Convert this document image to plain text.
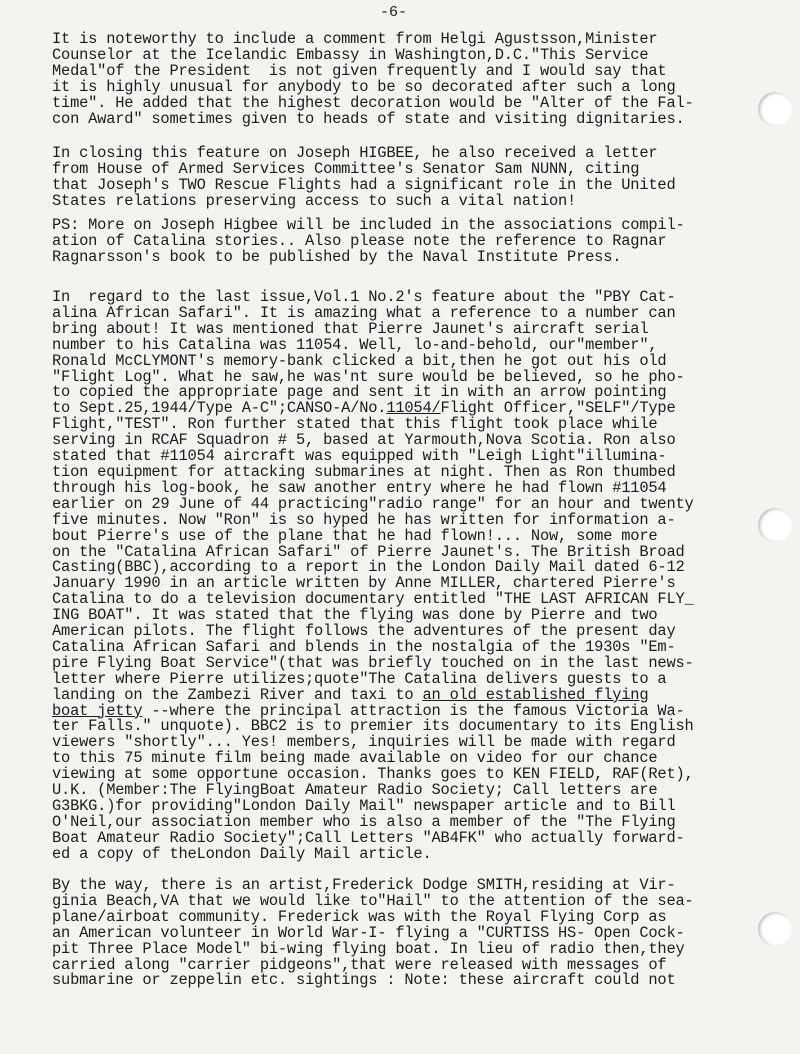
-6-
It is noteworthy to include a comment from Helgi Agustsson,Minister
Counselor at the Icelandic Embassy in Washington,D.C."This Service
Medal"of the President  is not given frequently and I would say that
it is highly unusual for anybody to be so decorated after such a long
time". He added that the highest decoration would be "Alter of the Fal-
con Award" sometimes given to heads of state and visiting dignitaries.
In closing this feature on Joseph HIGBEE, he also received a letter
from House of Armed Services Committee's Senator Sam NUNN, citing
that Joseph's TWO Rescue Flights had a significant role in the United
States relations preserving access to such a vital nation!
PS: More on Joseph Higbee will be included in the associations compil-
ation of Catalina stories.. Also please note the reference to Ragnar
Ragnarsson's book to be published by the Naval Institute Press.
In  regard to the last issue,Vol.1 No.2's feature about the "PBY Cat-
alina African Safari". It is amazing what a reference to a number can
bring about! It was mentioned that Pierre Jaunet's aircraft serial
number to his Catalina was 11054. Well, lo-and-behold, our"member",
Ronald McCLYMONT's memory-bank clicked a bit,then he got out his old
"Flight Log". What he saw,he was'nt sure would be believed, so he pho-
to copied the appropriate page and sent it in with an arrow pointing
to Sept.25,1944/Type A-C";CANSO-A/No.11054/Flight Officer,"SELF"/Type
Flight,"TEST". Ron further stated that this flight took place while
serving in RCAF Squadron # 5, based at Yarmouth,Nova Scotia. Ron also
stated that #11054 aircraft was equipped with "Leigh Light"illumina-
tion equipment for attacking submarines at night. Then as Ron thumbed
through his log-book, he saw another entry where he had flown #11054
earlier on 29 June of 44 practicing"radio range" for an hour and twenty
five minutes. Now "Ron" is so hyped he has written for information a-
bout Pierre's use of the plane that he had flown!... Now, some more
on the "Catalina African Safari" of Pierre Jaunet's. The British Broad
Casting(BBC),according to a report in the London Daily Mail dated 6-12
January 1990 in an article written by Anne MILLER, chartered Pierre's
Catalina to do a television documentary entitled "THE LAST AFRICAN FLY_
ING BOAT". It was stated that the flying was done by Pierre and two
American pilots. The flight follows the adventures of the present day
Catalina African Safari and blends in the nostalgia of the 1930s "Em-
pire Flying Boat Service"(that was briefly touched on in the last news-
letter where Pierre utilizes;quote"The Catalina delivers guests to a
landing on the Zambezi River and taxi to an old established flying
boat jetty --where the principal attraction is the famous Victoria Wa-
ter Falls." unquote). BBC2 is to premier its documentary to its English
viewers "shortly"... Yes! members, inquiries will be made with regard
to this 75 minute film being made available on video for our chance
viewing at some opportune occasion. Thanks goes to KEN FIELD, RAF(Ret),
U.K. (Member:The FlyingBoat Amateur Radio Society; Call letters are
G3BKG.)for providing"London Daily Mail" newspaper article and to Bill
O'Neil,our association member who is also a member of the "The Flying
Boat Amateur Radio Society";Call Letters "AB4FK" who actually forward-
ed a copy of theLondon Daily Mail article.
By the way, there is an artist,Frederick Dodge SMITH,residing at Vir-
ginia Beach,VA that we would like to"Hail" to the attention of the sea-
plane/airboat community. Frederick was with the Royal Flying Corp as
an American volunteer in World War-I- flying a "CURTISS HS- Open Cock-
pit Three Place Model" bi-wing flying boat. In lieu of radio then,they
carried along "carrier pidgeons",that were released with messages of
submarine or zeppelin etc. sightings : Note: these aircraft could not
